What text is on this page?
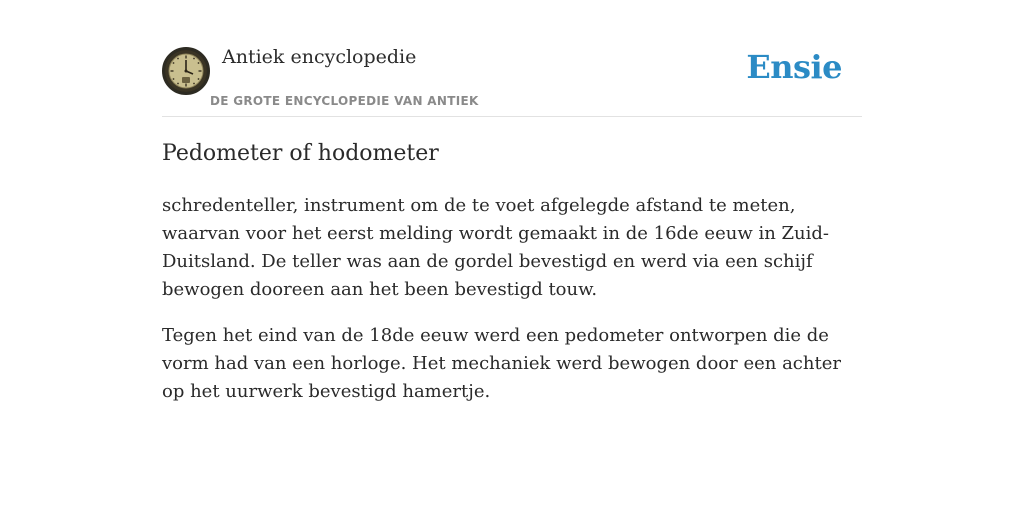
Antiek encyclopedie
DE GROTE ENCYCLOPEDIE VAN ANTIEK
Ensie
Pedometer of hodometer

schredenteller, instrument om de te voet afgelegde afstand te meten, waarvan voor het eerst melding wordt gemaakt in de 16de eeuw in Zuid-Duitsland. De teller was aan de gordel bevestigd en werd via een schijf bewogen dooreen aan het been bevestigd touw.

Tegen het eind van de 18de eeuw werd een pedometer ontworpen die de vorm had van een horloge. Het mechaniek werd bewogen door een achter op het uurwerk bevestigd hamertje.
